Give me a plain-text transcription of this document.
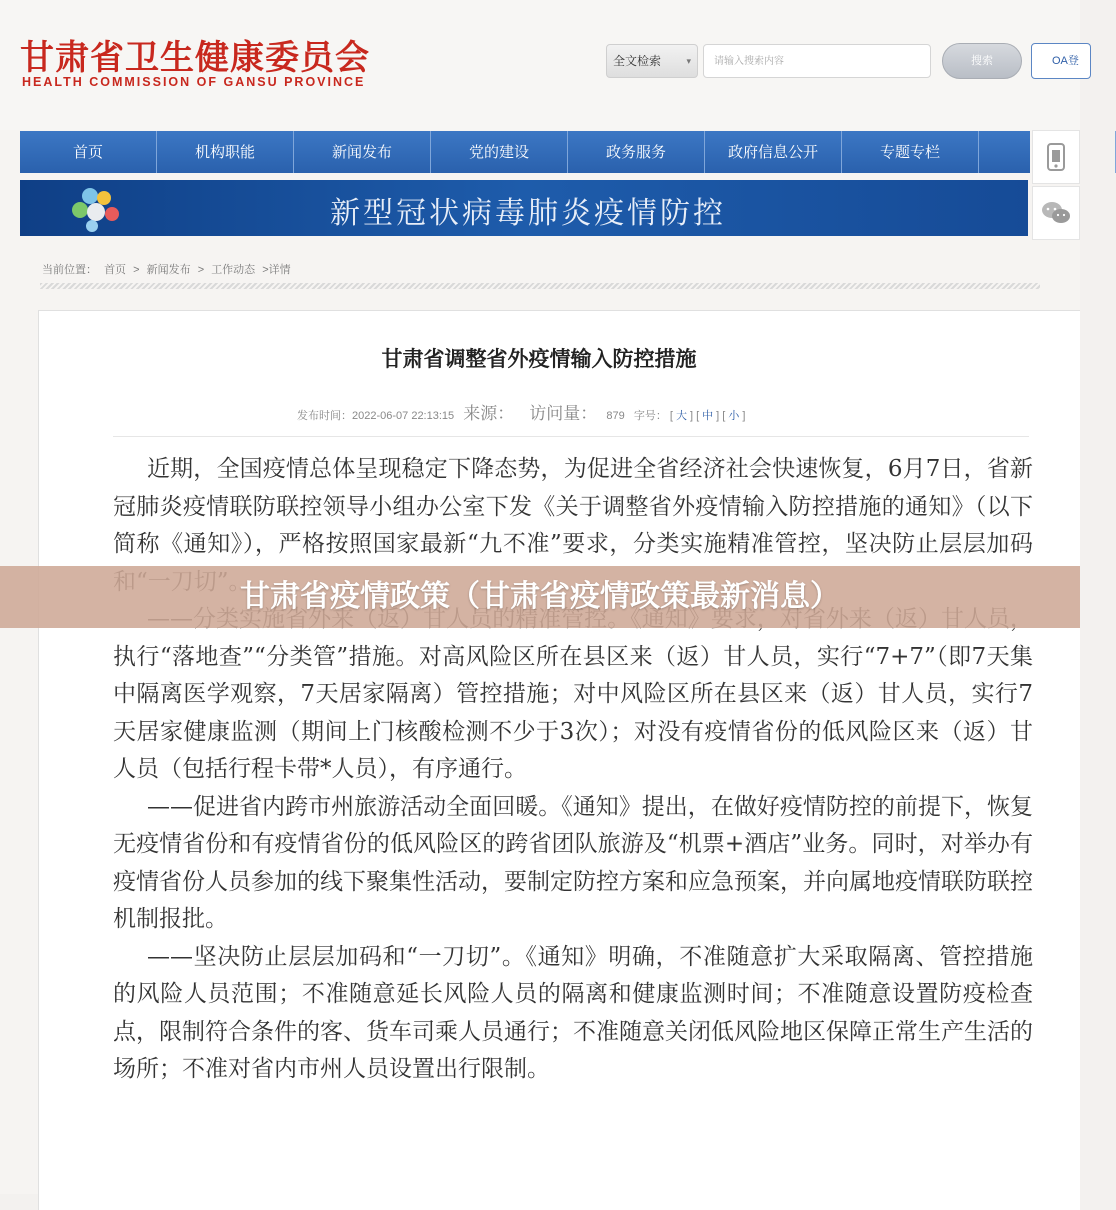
甘肃省卫生健康委员会
HEALTH COMMISSION OF GANSU PROVINCE
全文检索	▾
请输入搜索内容	搜索	OA登
首页	机构职能	新闻发布	党的建设	政务服务	政府信息公开	专题专栏
新型冠状病毒肺炎疫情防控
当前位置： 首页 > 新闻发布 > 工作动态 >详情
甘肃省调整省外疫情输入防控措施
发布时间：2022-06-07 22:13:15 来源： 访问量： 879 字号： [ 大 ] [ 中 ] [ 小 ]

近期，全国疫情总体呈现稳定下降态势，为促进全省经济社会快速恢复，6月7日，省新冠肺炎疫情联防联控领导小组办公室下发《关于调整省外疫情输入防控措施的通知》（以下简称《通知》），严格按照国家最新“九不准”要求，分类实施精准管控，坚决防止层层加码

执行“落地查”“分类管”措施。对高风险区所在县区来（返）甘人员，实行“7+7”（即7天集中隔离医学观察，7天居家隔离）管控措施；对中风险区所在县区来（返）甘人员，实行7天居家健康监测（期间上门核酸检测不少于3次）；对没有疫情省份的低风险区来（返）甘人员（包括行程卡带*人员），有序通行。

——促进省内跨市州旅游活动全面回暖。《通知》提出，在做好疫情防控的前提下，恢复无疫情省份和有疫情省份的低风险区的跨省团队旅游及“机票+酒店”业务。同时，对举办有疫情省份人员参加的线下聚集性活动，要制定防控方案和应急预案，并向属地疫情联防联控机制报批。

——坚决防止层层加码和“一刀切”。《通知》明确，不准随意扩大采取隔离、管控措施的风险人员范围；不准随意延长风险人员的隔离和健康监测时间；不准随意设置防疫检查点，限制符合条件的客、货车司乘人员通行；不准随意关闭低风险地区保障正常生产生活的场所；不准对省内市州人员设置出行限制。

甘肃省疫情政策（甘肃省疫情政策最新消息）
